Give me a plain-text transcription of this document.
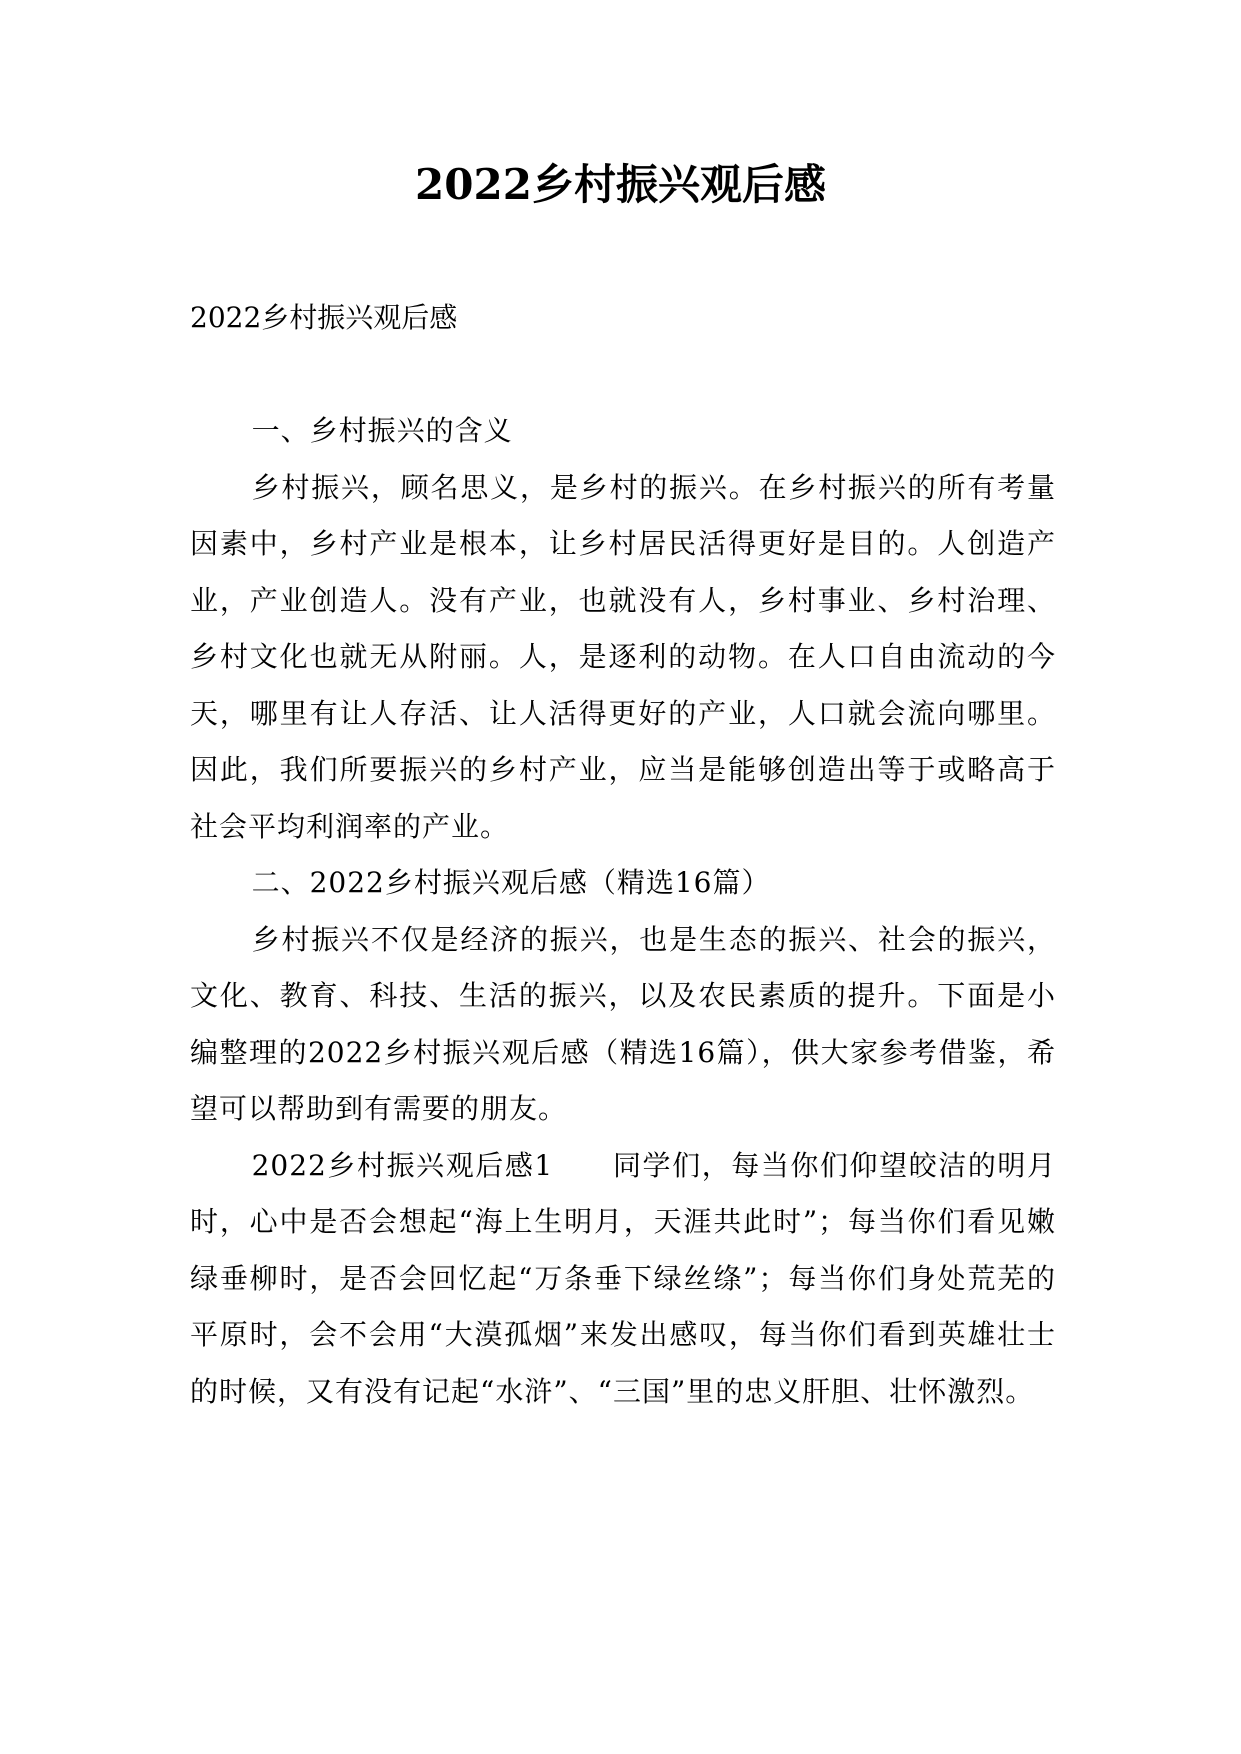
2022乡村振兴观后感
2022乡村振兴观后感

一、乡村振兴的含义

乡村振兴，顾名思义，是乡村的振兴。在乡村振兴的所有考量因素中，乡村产业是根本，让乡村居民活得更好是目的。人创造产业，产业创造人。没有产业，也就没有人，乡村事业、乡村治理、乡村文化也就无从附丽。人，是逐利的动物。在人口自由流动的今天，哪里有让人存活、让人活得更好的产业，人口就会流向哪里。因此，我们所要振兴的乡村产业，应当是能够创造出等于或略高于社会平均利润率的产业。

二、2022乡村振兴观后感（精选16篇）

乡村振兴不仅是经济的振兴，也是生态的振兴、社会的振兴，文化、教育、科技、生活的振兴，以及农民素质的提升。下面是小编整理的2022乡村振兴观后感（精选16篇），供大家参考借鉴，希望可以帮助到有需要的朋友。

2022乡村振兴观后感1　　同学们，每当你们仰望皎洁的明月时，心中是否会想起“海上生明月，天涯共此时”；每当你们看见嫩绿垂柳时，是否会回忆起“万条垂下绿丝绦”；每当你们身处荒芜的平原时，会不会用“大漠孤烟”来发出感叹，每当你们看到英雄壮士的时候，又有没有记起“水浒”、“三国”里的忠义肝胆、壮怀激烈。
